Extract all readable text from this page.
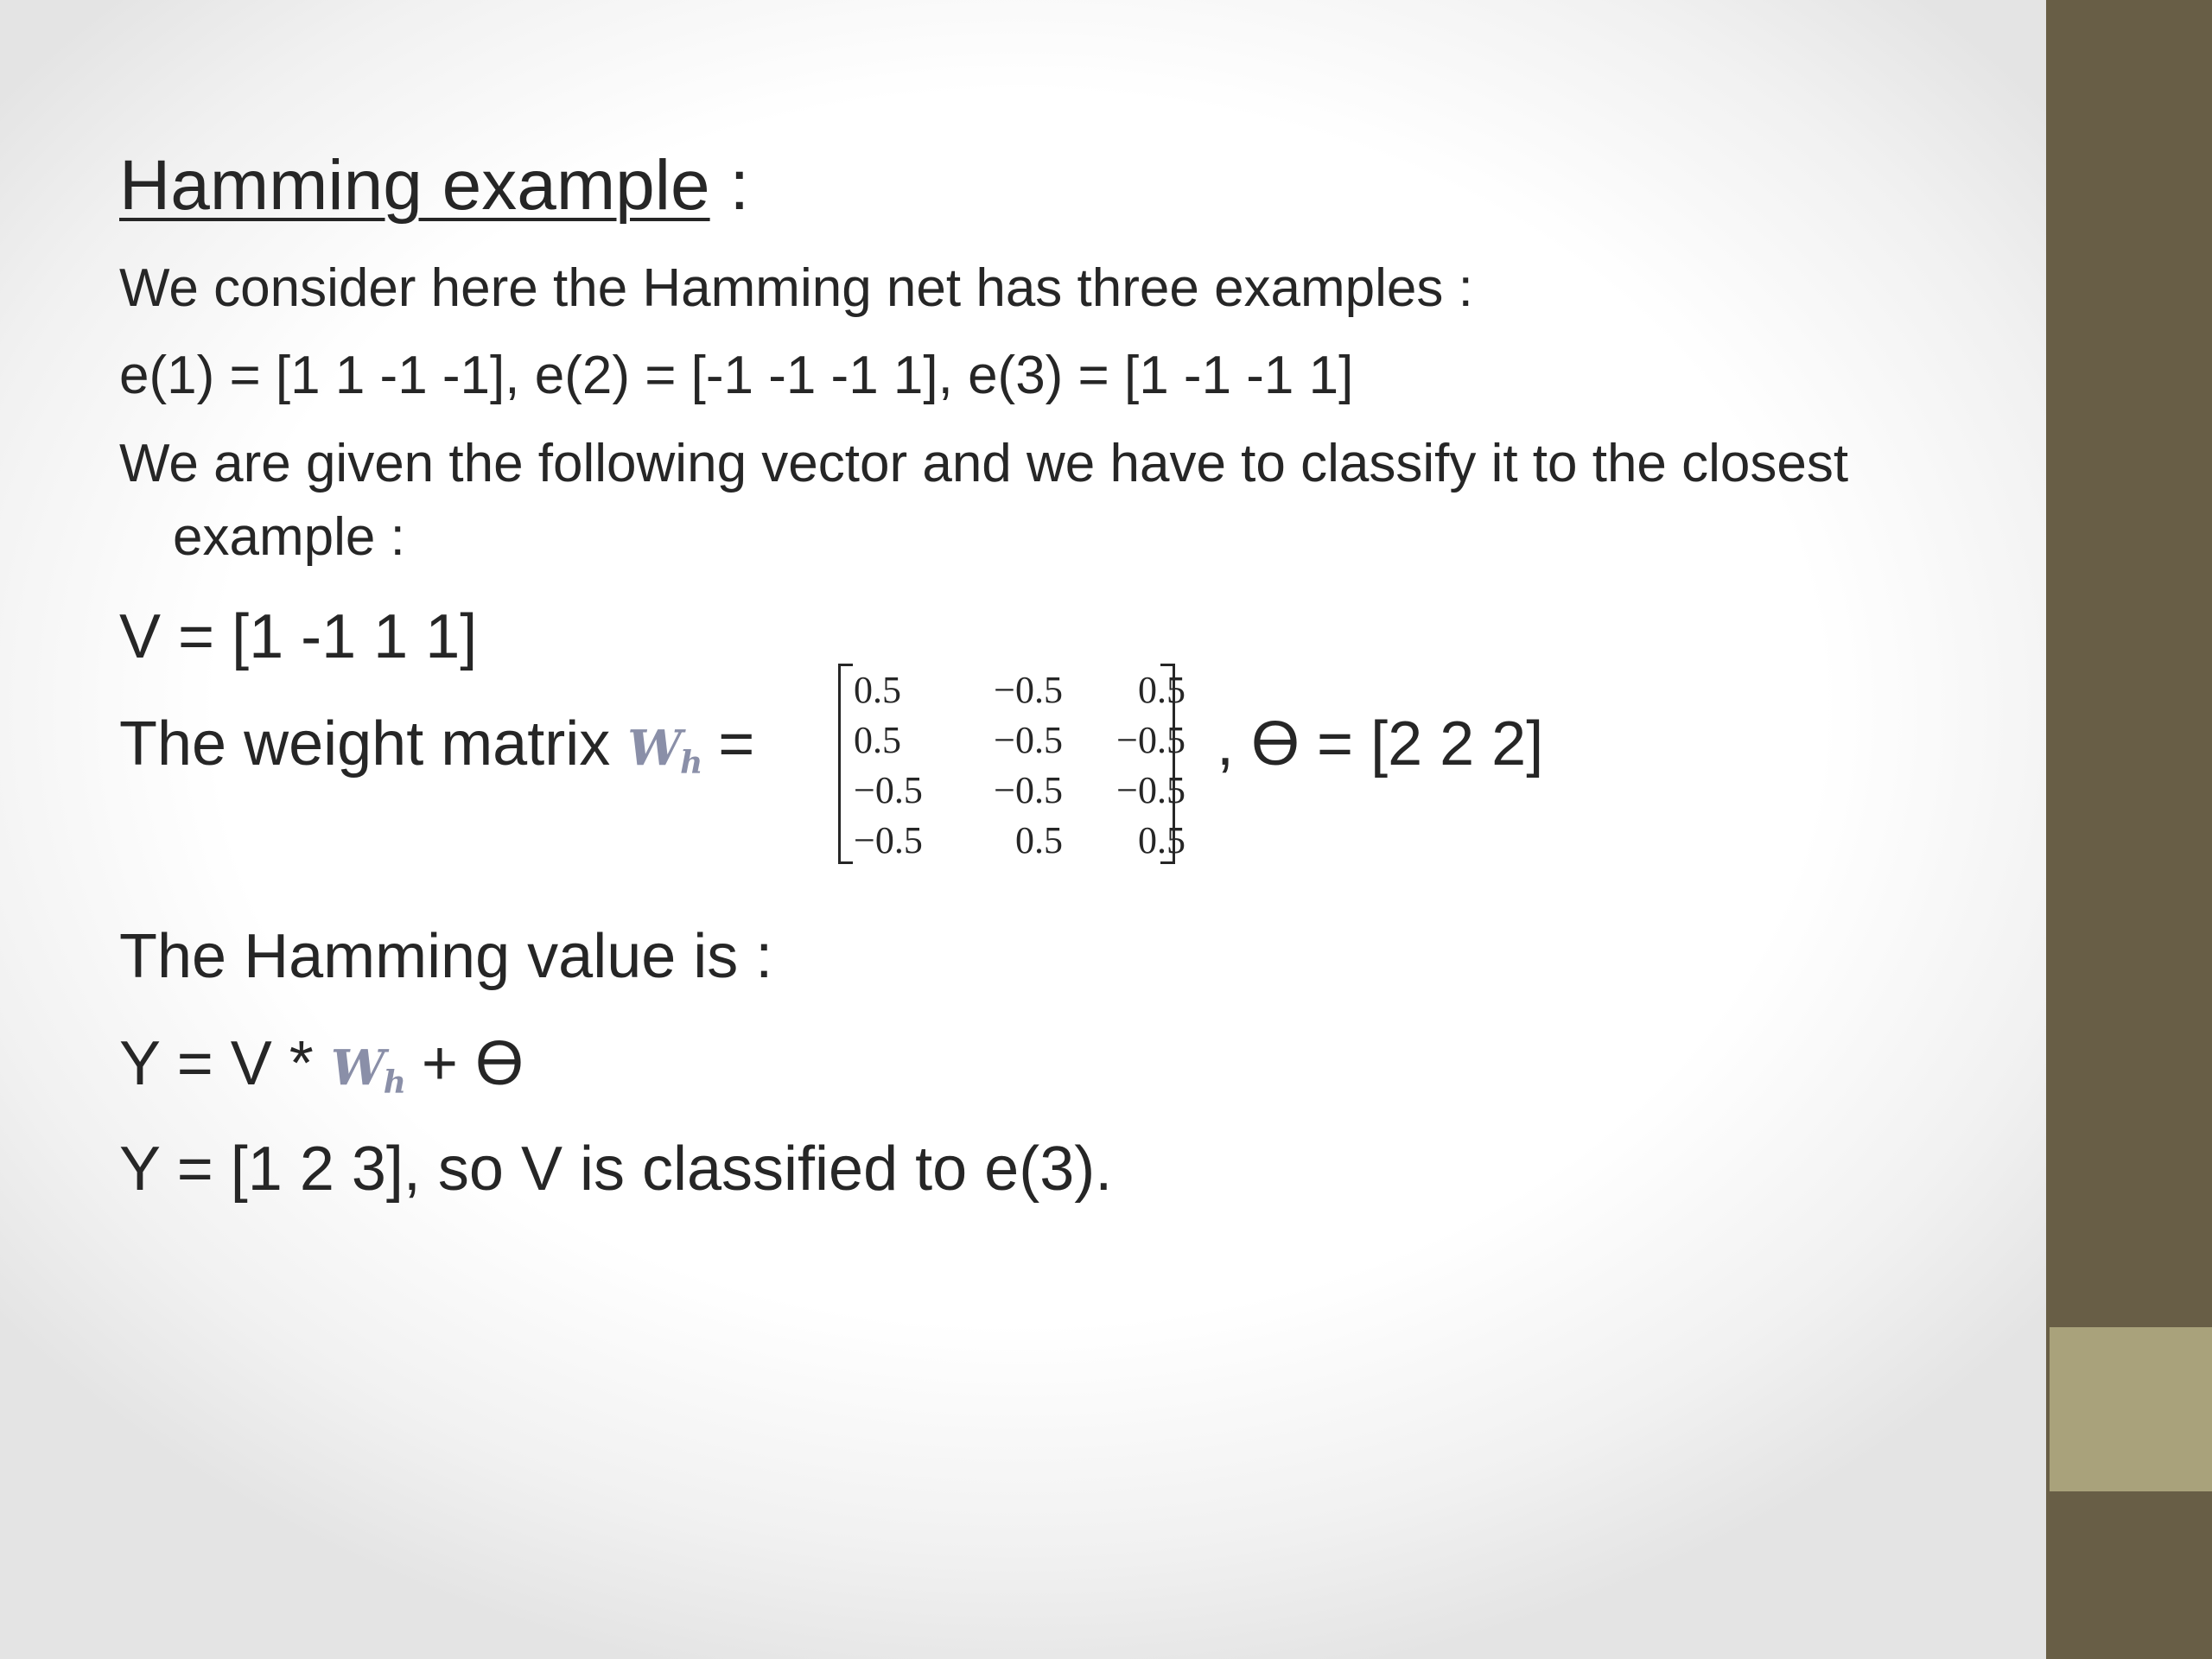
Hamming example :
We consider here the Hamming net has three examples :
e(1) = [1 1 -1 -1], e(2) = [-1 -1 -1 1], e(3) = [1 -1 -1 1]
We are given the following vector and we have to classify it to the closest
example :
V = [1 -1 1 1]
The weight matrix $W_h$ =
0.5	−0.5	0.5
0.5	−0.5	−0.5
−0.5	−0.5	−0.5
−0.5	0.5	0.5
, ϴ = [2 2 2]
The Hamming value is :
$Y = V * W_h + ϴ$
Y = [1 2 3], so V is classified to e(3).
